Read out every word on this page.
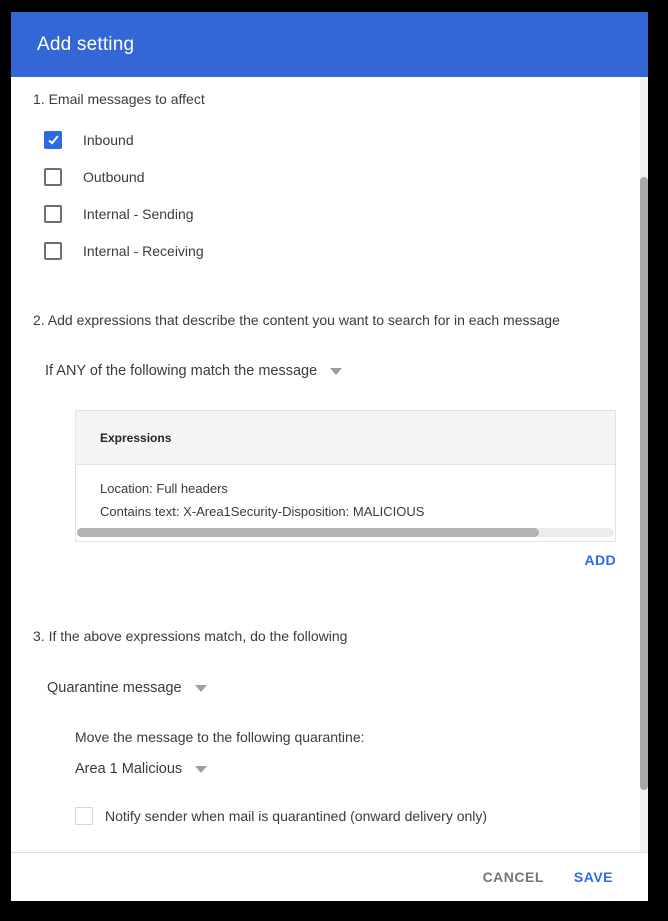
Add setting

1. Email messages to affect

Inbound
Outbound
Internal - Sending
Internal - Receiving

2. Add expressions that describe the content you want to search for in each message

If ANY of the following match the message
Expressions
Location: Full headers
Contains text: X-Area1Security-Disposition: MALICIOUS
ADD

3. If the above expressions match, do the following

Quarantine message

Move the message to the following quarantine:

Area 1 Malicious
Notify sender when mail is quarantined (onward delivery only)
CANCEL	SAVE
